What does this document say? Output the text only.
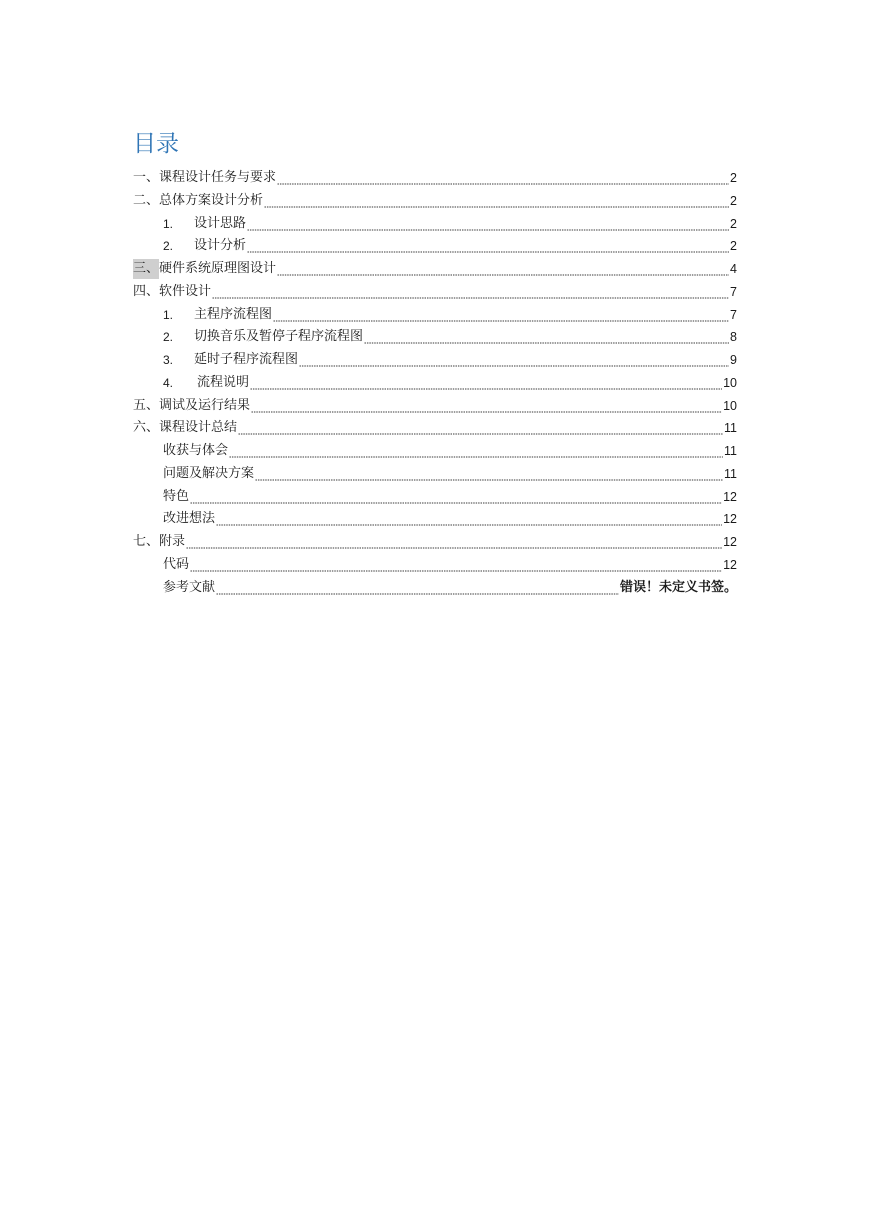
目录
一、课程设计任务与要求	2
二、总体方案设计分析	2
1.	设计思路	2
2.	设计分析	2
三、 硬件系统原理图设计	4
四、软件设计	7
1.	主程序流程图	7
2.	切换音乐及暂停子程序流程图	8
3.	延时子程序流程图	9
4.	流程说明	10
五、调试及运行结果	10
六、课程设计总结	11
收获与体会	11
问题及解决方案	11
特色	12
改进想法	12
七、附录	12
代码	12
参考文献	错误！未定义书签。
